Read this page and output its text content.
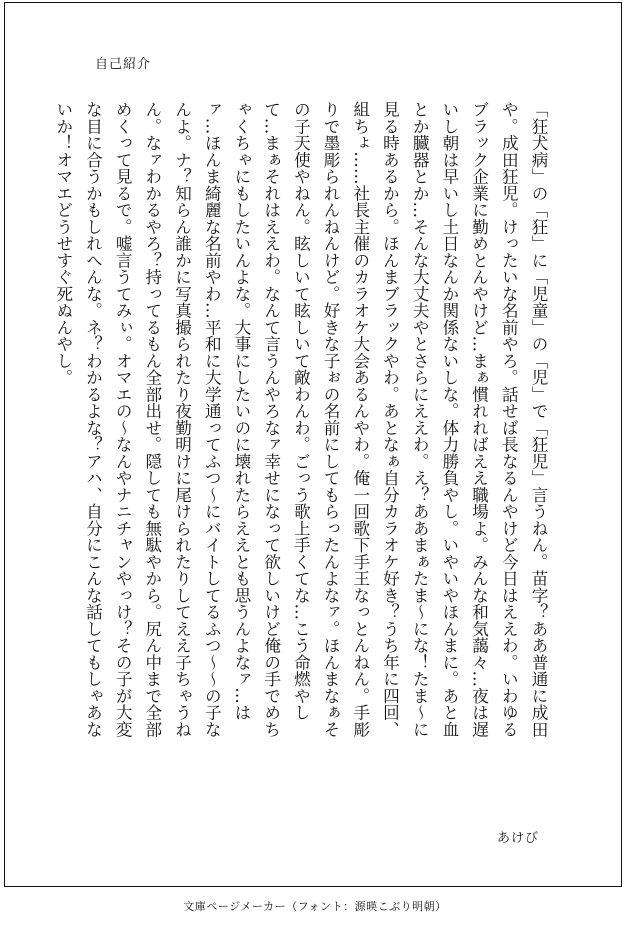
自己紹介

「狂犬病」の「狂」に「児童」の「児」で「狂児」言うねん。苗字？ああ普通に成田や。成田狂児。けったいな名前やろ。話せば長なるんやけど今日はええわ。いわゆるブラック企業に勤めとんやけど…まぁ慣れればええ職場よ。みんな和気藹々…夜は遅いし朝は早いし土日なんか関係ないしな。体力勝負やし。いやいやほんまに。あと血とか臓器とか…そんな大丈夫やとさらにええわ。え？ああまぁたま〜にな！たま〜に見る時あるから。ほんまブラックやわ。あとなぁ自分カラオケ好き？うち年に四回、組ちょ……社長主催のカラオケ大会あるんやわ。俺一回歌下手王なっとんねん。手彫りで墨彫られんねんけど。好きな子ぉの名前にしてもらったんよなァ。ほんまなぁその子天使やねん。眩しいて眩しいて敵わんわ。ごっう歌上手くてな…こう命燃やして…まぁそれはええわ。なんて言うんやろなァ幸せになって欲しいけど俺の手でめちゃくちゃにもしたいんよな。大事にしたいのに壊れたらええとも思うんよなァ…はァ…ほんま綺麗な名前やわ…平和に大学通ってふつ〜にバイトしてるふつ〜〜の子なんよ。ナ？知らん誰かに写真撮られたり夜勤明けに尾けられたりしてええ子ちゃうねん。なァわかるやろ？持ってるもん全部出せ。隠しても無駄やから。尻ん中まで全部めくって見るで。嘘言うてみぃ。オマエの〜なんやナニチャンやっけ？その子が大変な目に合うかもしれへんな。ネ？わかるよな？アハ、自分にこんな話してもしゃあないか！オマエどうせすぐ死ぬんやし。

あけび
文庫ページメーカー（フォント：源暎こぶり明朝）
